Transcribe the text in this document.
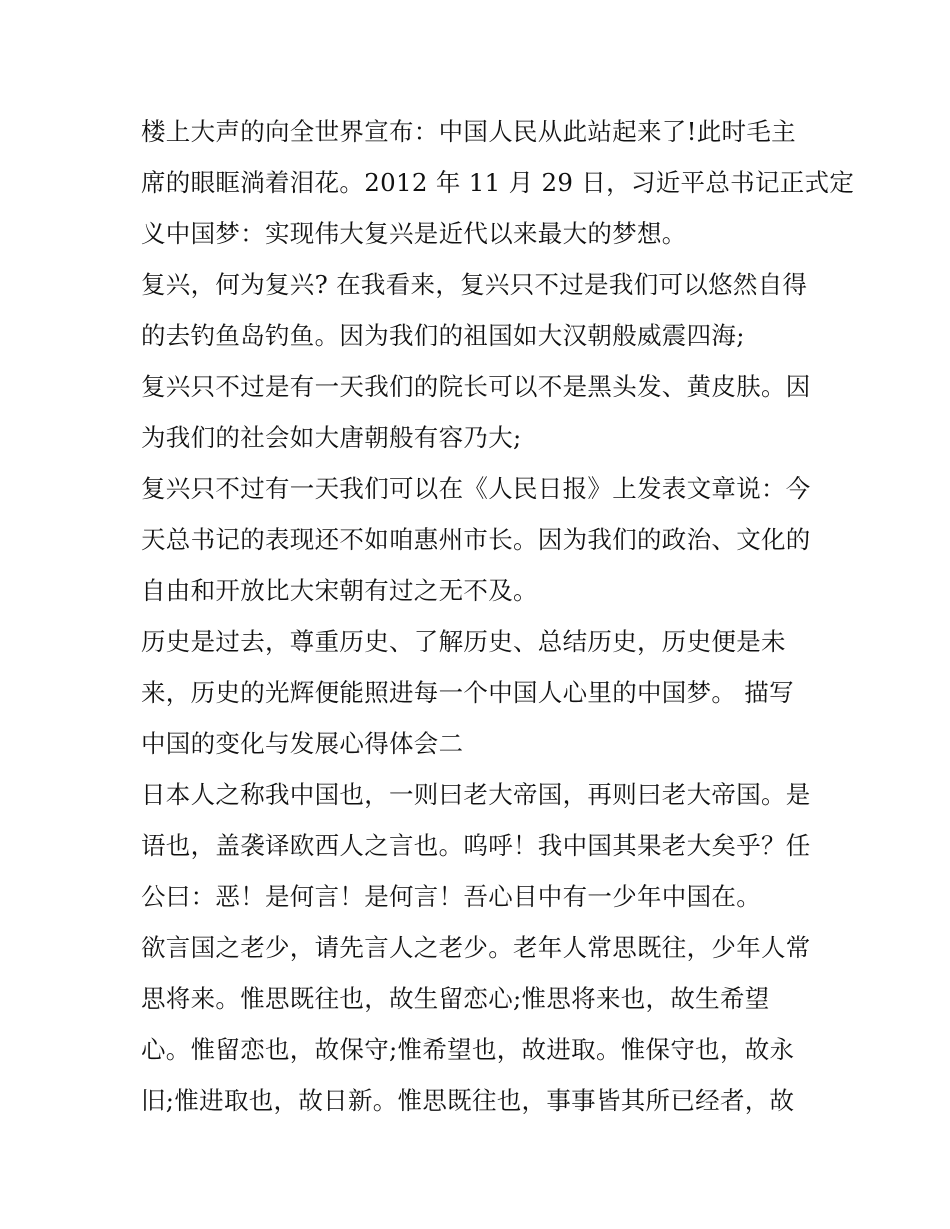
楼上大声的向全世界宣布：中国人民从此站起来了!此时毛主
席的眼眶淌着泪花。2012 年 11 月 29 日，习近平总书记正式定
义中国梦：实现伟大复兴是近代以来最大的梦想。
复兴，何为复兴? 在我看来，复兴只不过是我们可以悠然自得
的去钓鱼岛钓鱼。因为我们的祖国如大汉朝般威震四海;
复兴只不过是有一天我们的院长可以不是黑头发、黄皮肤。因
为我们的社会如大唐朝般有容乃大;
复兴只不过有一天我们可以在《人民日报》上发表文章说：今
天总书记的表现还不如咱惠州市长。因为我们的政治、文化的
自由和开放比大宋朝有过之无不及。
历史是过去，尊重历史、了解历史、总结历史，历史便是未
来，历史的光辉便能照进每一个中国人心里的中国梦。 描写
中国的变化与发展心得体会二
日本人之称我中国也，一则曰老大帝国，再则曰老大帝国。是
语也，盖袭译欧西人之言也。呜呼！我中国其果老大矣乎？任
公曰：恶！是何言！是何言！吾心目中有一少年中国在。
欲言国之老少，请先言人之老少。老年人常思既往，少年人常
思将来。惟思既往也，故生留恋心;惟思将来也，故生希望
心。惟留恋也，故保守;惟希望也，故进取。惟保守也，故永
旧;惟进取也，故日新。惟思既往也，事事皆其所已经者，故
